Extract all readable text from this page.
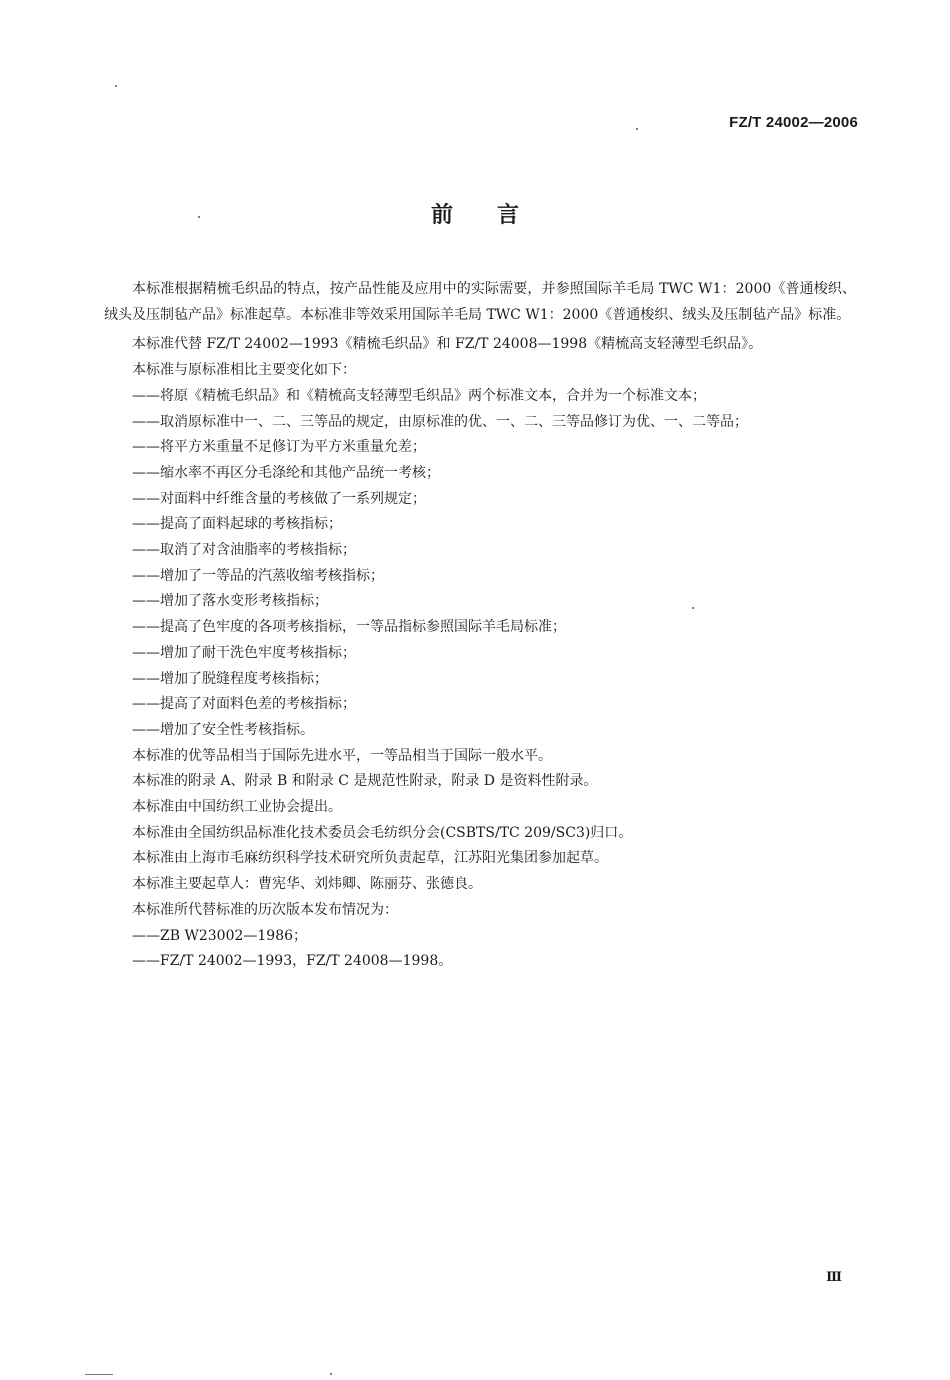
FZ/T 24002—2006
前言

本标准根据精梳毛织品的特点，按产品性能及应用中的实际需要，并参照国际羊毛局 TWC W1：2000《普通梭织、绒头及压制毡产品》标准起草。本标准非等效采用国际羊毛局 TWC W1：2000《普通梭织、绒头及压制毡产品》标准。

本标准代替 FZ/T 24002—1993《精梳毛织品》和 FZ/T 24008—1998《精梳高支轻薄型毛织品》。

本标准与原标准相比主要变化如下：

——将原《精梳毛织品》和《精梳高支轻薄型毛织品》两个标准文本，合并为一个标准文本；

——取消原标准中一、二、三等品的规定，由原标准的优、一、二、三等品修订为优、一、二等品；

——将平方米重量不足修订为平方米重量允差；

——缩水率不再区分毛涤纶和其他产品统一考核；

——对面料中纤维含量的考核做了一系列规定；

——提高了面料起球的考核指标；

——取消了对含油脂率的考核指标；

——增加了一等品的汽蒸收缩考核指标；

——增加了落水变形考核指标；

——提高了色牢度的各项考核指标，一等品指标参照国际羊毛局标准；

——增加了耐干洗色牢度考核指标；

——增加了脱缝程度考核指标；

——提高了对面料色差的考核指标；

——增加了安全性考核指标。

本标准的优等品相当于国际先进水平，一等品相当于国际一般水平。

本标准的附录 A、附录 B 和附录 C 是规范性附录，附录 D 是资料性附录。

本标准由中国纺织工业协会提出。

本标准由全国纺织品标准化技术委员会毛纺织分会(CSBTS/TC 209/SC3)归口。

本标准由上海市毛麻纺织科学技术研究所负责起草，江苏阳光集团参加起草。

本标准主要起草人：曹宪华、刘炜卿、陈丽芬、张德良。

本标准所代替标准的历次版本发布情况为：

——ZB W23002—1986；

——FZ/T 24002—1993，FZ/T 24008—1998。

Ⅲ
